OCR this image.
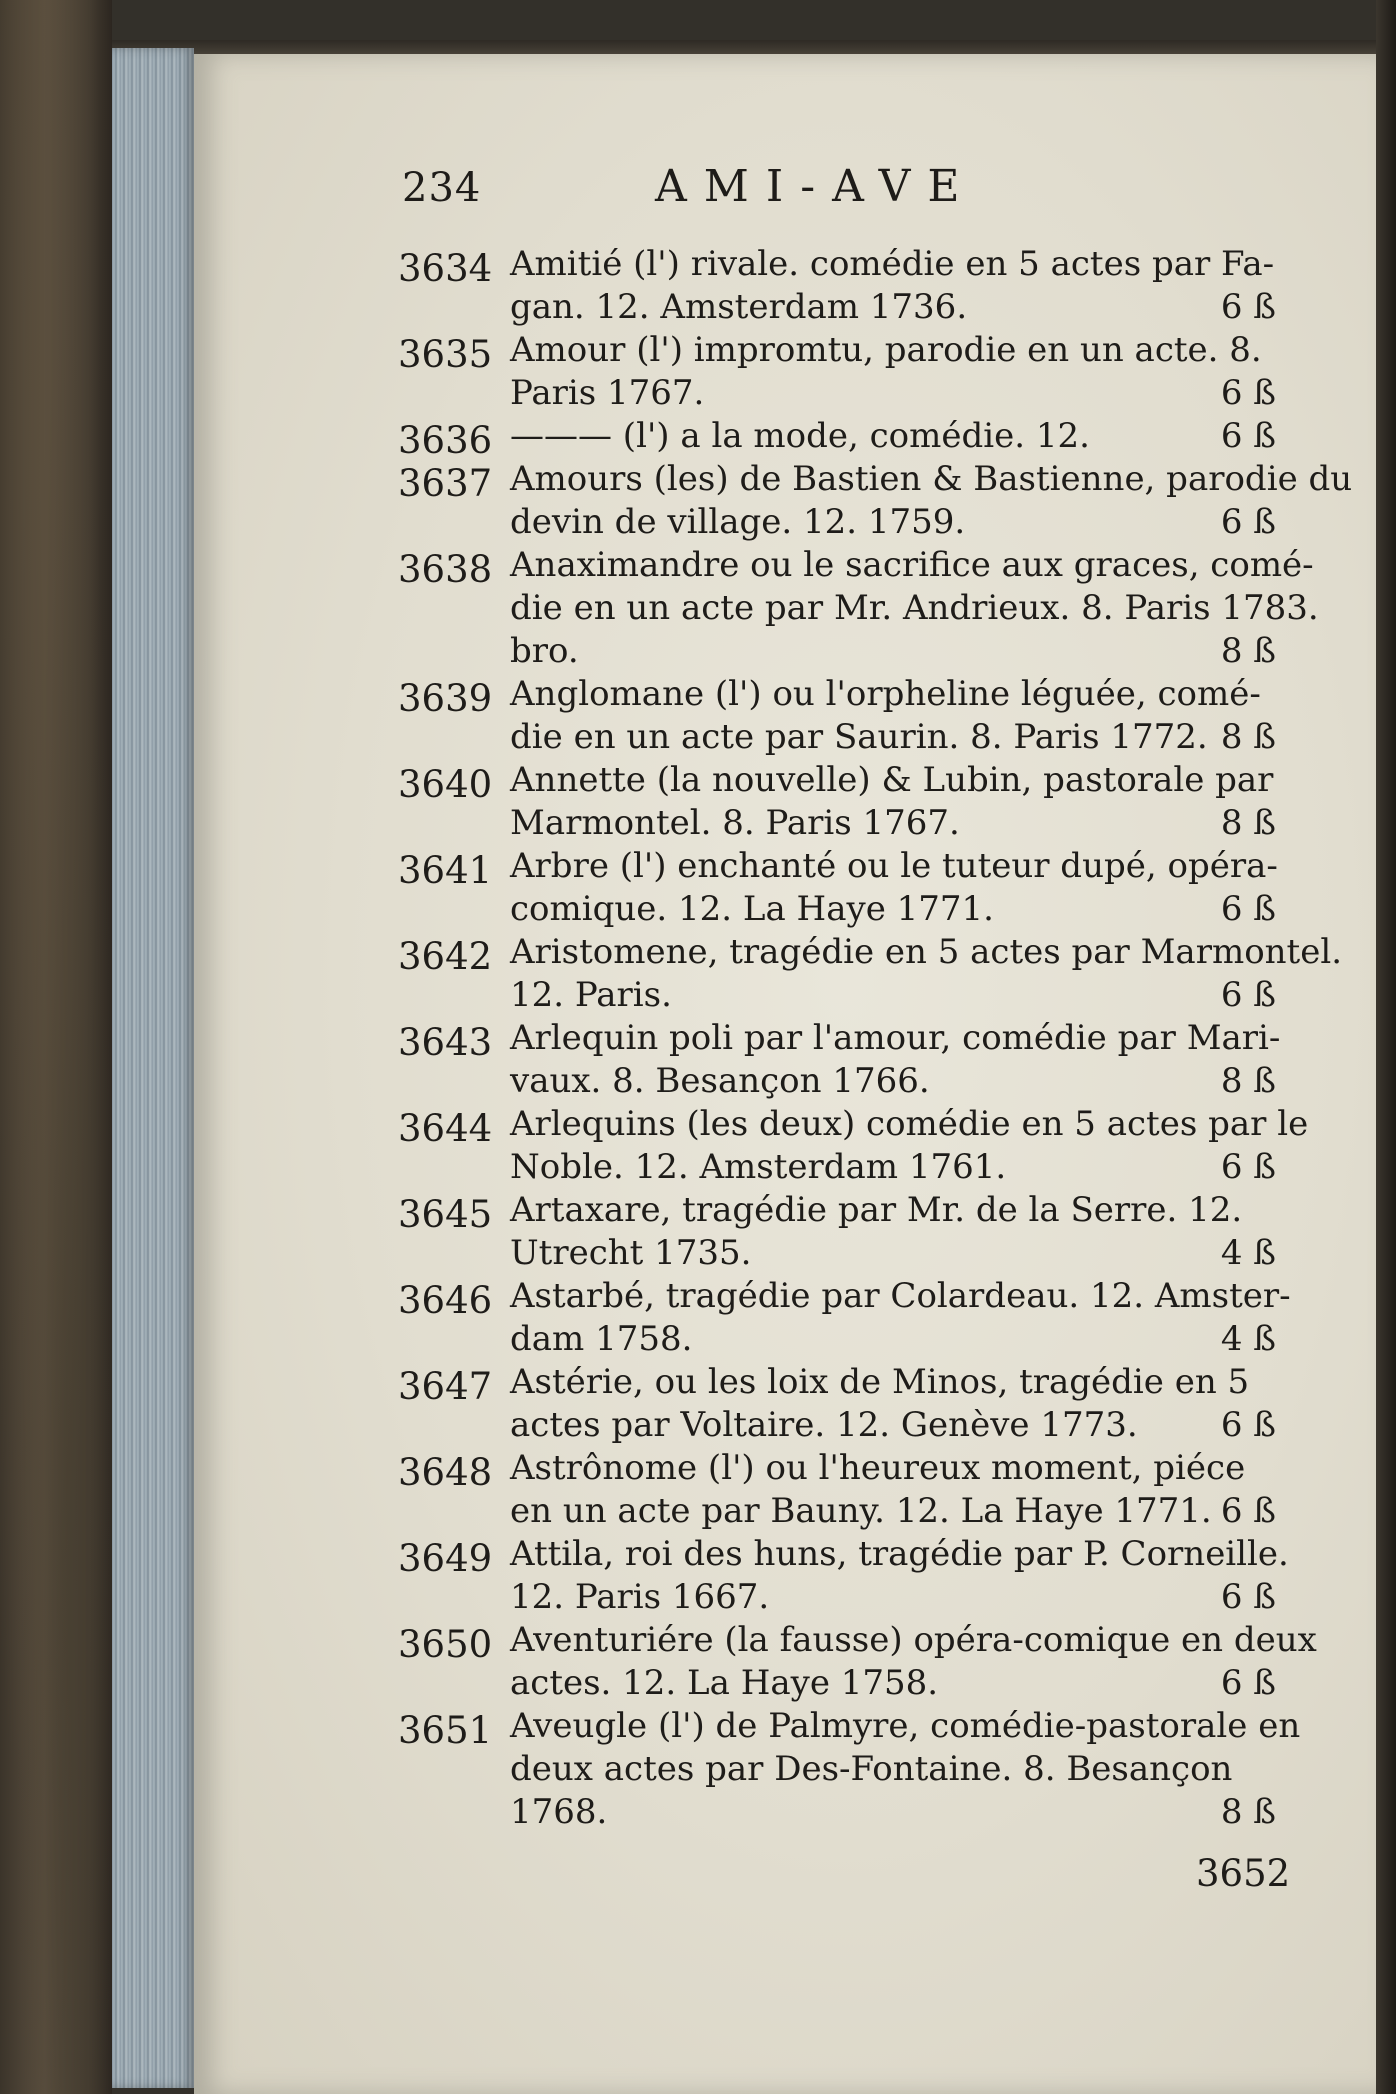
234	AMI-AVE
3634 Amitié (l') rivale. comédie en 5 actes par Fa-
gan. 12. Amsterdam 1736.	6 ß
3635 Amour (l') impromtu, parodie en un acte. 8.
Paris 1767.	6 ß
3636 ——— (l') a la mode, comédie. 12.	6 ß
3637 Amours (les) de Bastien & Bastienne, parodie du
devin de village. 12. 1759.	6 ß
3638 Anaximandre ou le sacrifice aux graces, comé-
die en un acte par Mr. Andrieux. 8. Paris 1783.
bro.	8 ß
3639 Anglomane (l') ou l'orpheline léguée, comé-
die en un acte par Saurin. 8. Paris 1772. 8 ß
3640 Annette (la nouvelle) & Lubin, pastorale par
Marmontel. 8. Paris 1767.	8 ß
3641 Arbre (l') enchanté ou le tuteur dupé, opéra-
comique. 12. La Haye 1771.	6 ß
3642 Aristomene, tragédie en 5 actes par Marmontel.
12. Paris.	6 ß
3643 Arlequin poli par l'amour, comédie par Mari-
vaux. 8. Besançon 1766.	8 ß
3644 Arlequins (les deux) comédie en 5 actes par le
Noble. 12. Amsterdam 1761.	6 ß
3645 Artaxare, tragédie par Mr. de la Serre. 12.
Utrecht 1735.	4 ß
3646 Astarbé, tragédie par Colardeau. 12. Amster-
dam 1758.	4 ß
3647 Astérie, ou les loix de Minos, tragédie en 5
actes par Voltaire. 12. Genève 1773. 6 ß
3648 Astrônome (l') ou l'heureux moment, piéce
en un acte par Bauny. 12. La Haye 1771. 6 ß
3649 Attila, roi des huns, tragédie par P. Corneille.
12. Paris 1667.	6 ß
3650 Aventuriére (la fausse) opéra-comique en deux
actes. 12. La Haye 1758.	6 ß
3651 Aveugle (l') de Palmyre, comédie-pastorale en
deux actes par Des-Fontaine. 8. Besançon
1768.	8 ß
3652
